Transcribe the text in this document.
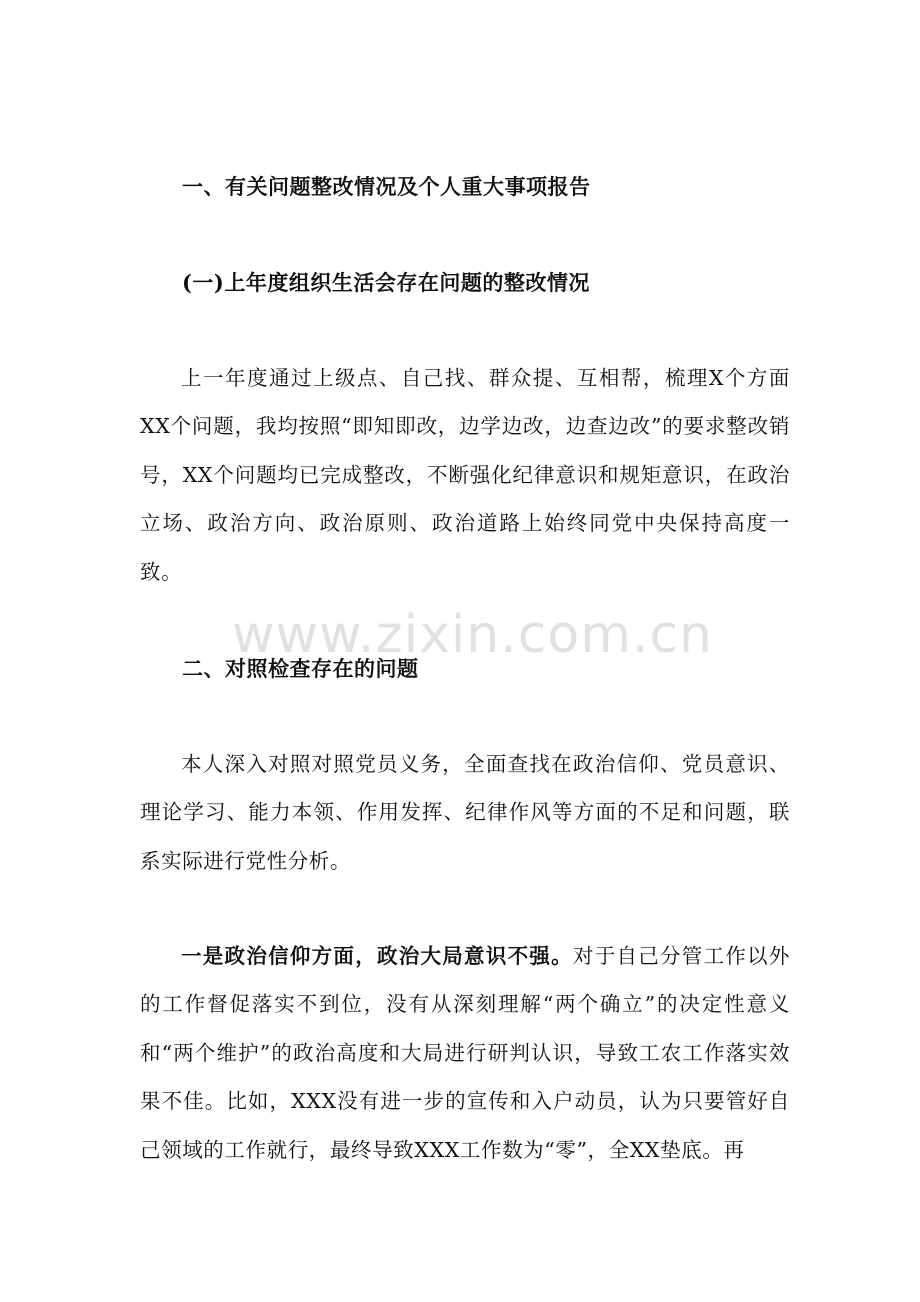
一、有关问题整改情况及个人重大事项报告
(一)上年度组织生活会存在问题的整改情况
上一年度通过上级点、自己找、群众提、互相帮，梳理X个方面XX个问题，我均按照“即知即改，边学边改，边查边改”的要求整改销号，XX个问题均已完成整改，不断强化纪律意识和规矩意识，在政治立场、政治方向、政治原则、政治道路上始终同党中央保持高度一致。
二、对照检查存在的问题
本人深入对照对照党员义务，全面查找在政治信仰、党员意识、理论学习、能力本领、作用发挥、纪律作风等方面的不足和问题，联系实际进行党性分析。
一是政治信仰方面，政治大局意识不强。对于自己分管工作以外的工作督促落实不到位，没有从深刻理解“两个确立”的决定性意义和“两个维护”的政治高度和大局进行研判认识，导致工农工作落实效果不佳。比如，XXX没有进一步的宣传和入户动员，认为只要管好自己领域的工作就行，最终导致XXX工作数为“零”，全XX垫底。再
www.zixin.com.cn
